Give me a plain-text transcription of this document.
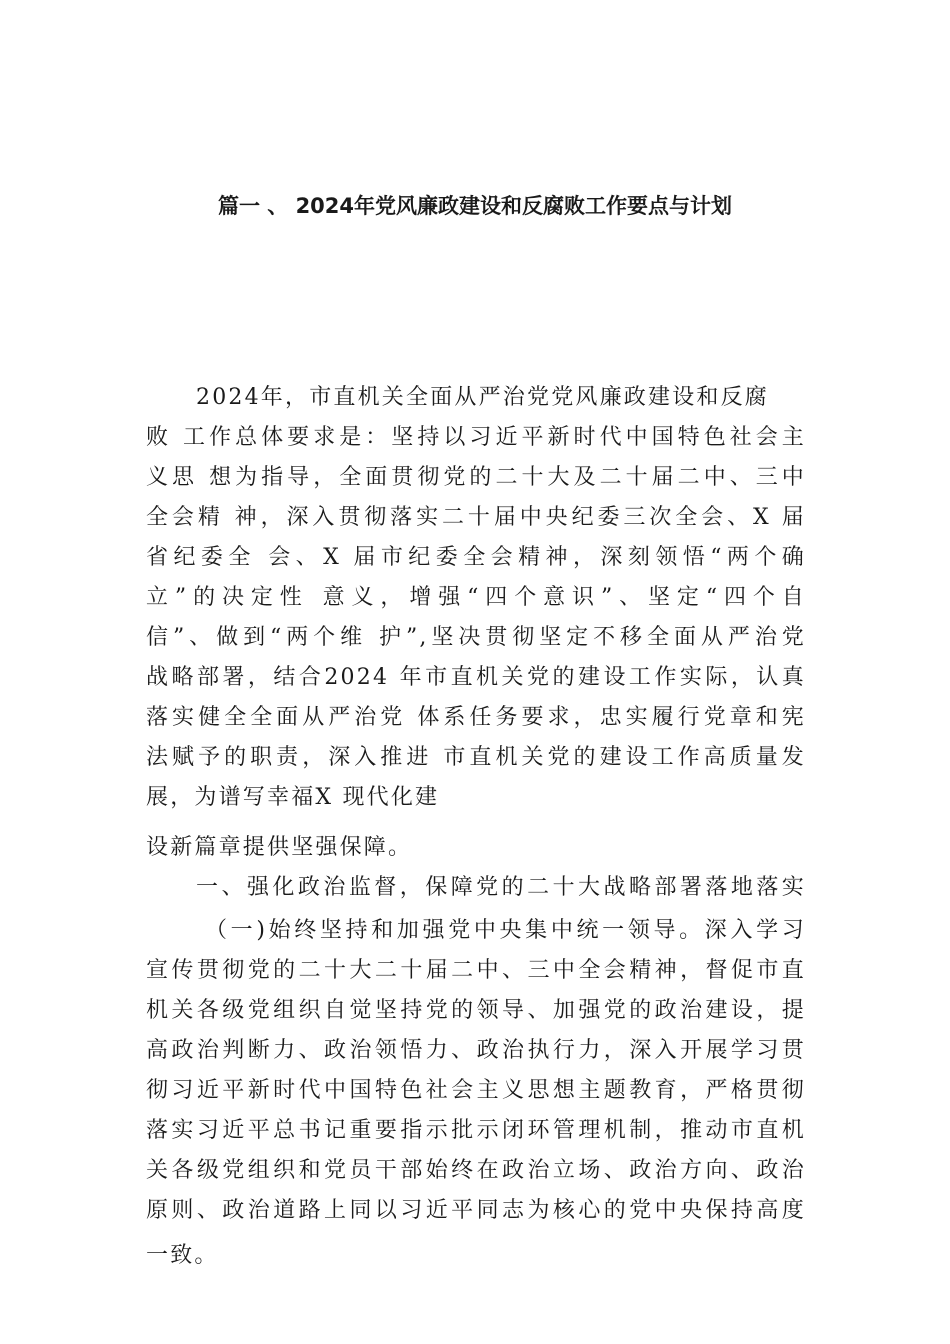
篇一 、 2024年党风廉政建设和反腐败工作要点与计划
2024年，市直机关全面从严治党党风廉政建设和反腐
败 工作总体要求是：坚持以习近平新时代中国特色社会主
义思 想为指导，全面贯彻党的二十大及二十届二中、三中
全会精 神，深入贯彻落实二十届中央纪委三次全会、X 届
省纪委全 会、X 届市纪委全会精神，深刻领悟“两个确
立”的决定性 意义，增强“四个意识”、坚定“四个自
信”、做到“两个维 护”,坚决贯彻坚定不移全面从严治党
战略部署，结合2024 年市直机关党的建设工作实际，认真
落实健全全面从严治党 体系任务要求，忠实履行党章和宪
法赋予的职责，深入推进 市直机关党的建设工作高质量发
展，为谱写幸福X 现代化建
设新篇章提供坚强保障。
一、强化政治监督，保障党的二十大战略部署落地落实
（一)始终坚持和加强党中央集中统一领导。深入学习
宣传贯彻党的二十大二十届二中、三中全会精神，督促市直
机关各级党组织自觉坚持党的领导、加强党的政治建设，提
高政治判断力、政治领悟力、政治执行力，深入开展学习贯
彻习近平新时代中国特色社会主义思想主题教育，严格贯彻
落实习近平总书记重要指示批示闭环管理机制，推动市直机
关各级党组织和党员干部始终在政治立场、政治方向、政治
原则、政治道路上同以习近平同志为核心的党中央保持高度
一致。
